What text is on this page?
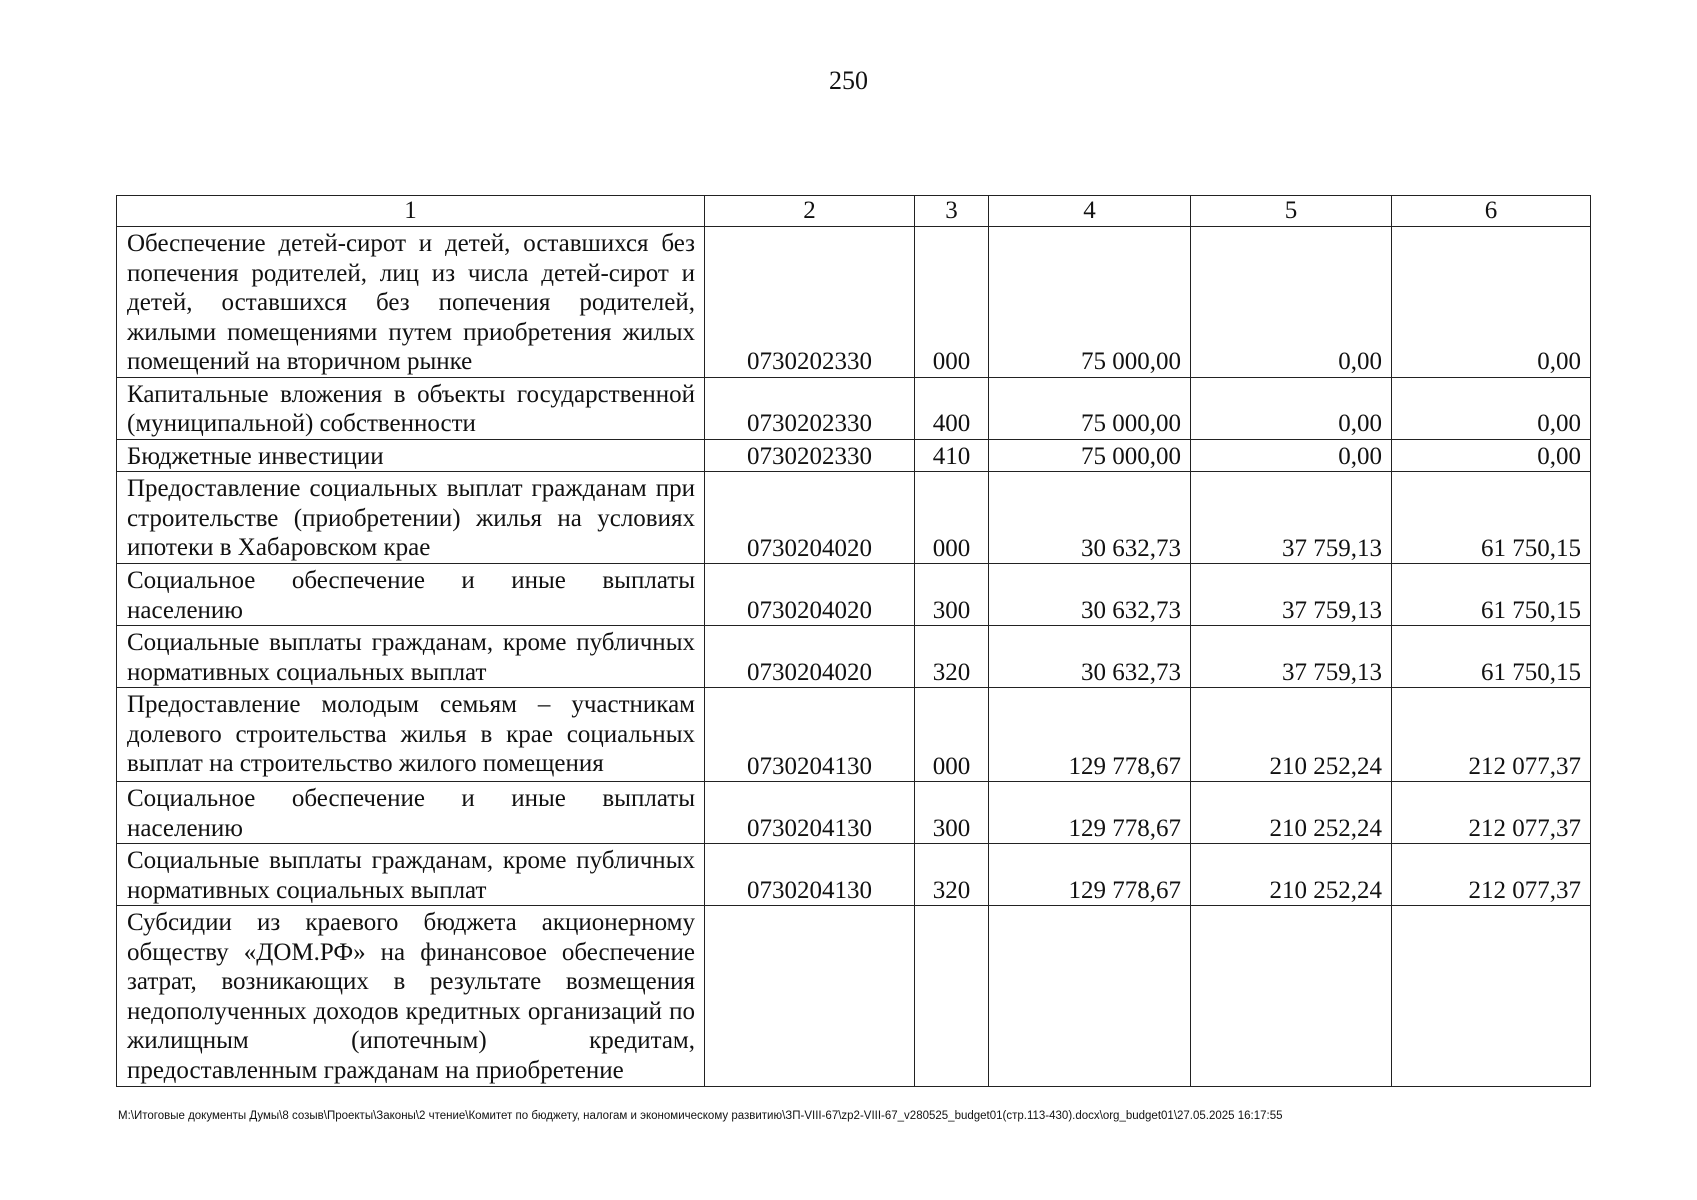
250
1	2	3	4	5	6
Обеспечение детей-сирот и детей, оставшихся без попечения родителей, лиц из числа детей-сирот и детей, оставшихся без попечения родителей, жилыми помещениями путем приобретения жилых помещений на вторичном рынке	0730202330	000	75 000,00	0,00	0,00
Капитальные вложения в объекты государственной (муниципальной) собственности	0730202330	400	75 000,00	0,00	0,00
Бюджетные инвестиции	0730202330	410	75 000,00	0,00	0,00
Предоставление социальных выплат гражданам при строительстве (приобретении) жилья на условиях ипотеки в Хабаровском крае	0730204020	000	30 632,73	37 759,13	61 750,15
Социальное обеспечение и иные выплаты населению	0730204020	300	30 632,73	37 759,13	61 750,15
Социальные выплаты гражданам, кроме публичных нормативных социальных выплат	0730204020	320	30 632,73	37 759,13	61 750,15
Предоставление молодым семьям – участникам долевого строительства жилья в крае социальных выплат на строительство жилого помещения	0730204130	000	129 778,67	210 252,24	212 077,37
Социальное обеспечение и иные выплаты населению	0730204130	300	129 778,67	210 252,24	212 077,37
Социальные выплаты гражданам, кроме публичных нормативных социальных выплат	0730204130	320	129 778,67	210 252,24	212 077,37
Субсидии из краевого бюджета акционерному обществу «ДОМ.РФ» на финансовое обеспечение затрат, возникающих в результате возмещения недополученных доходов кредитных организаций по жилищным (ипотечным) кредитам, предоставленным гражданам на приобретение					
M:\Итоговые документы Думы\8 созыв\Проекты\Законы\2 чтение\Комитет по бюджету, налогам и экономическому развитию\ЗП-VIII-67\zp2-VIII-67_v280525_budget01(стр.113-430).docx\org_budget01\27.05.2025 16:17:55
